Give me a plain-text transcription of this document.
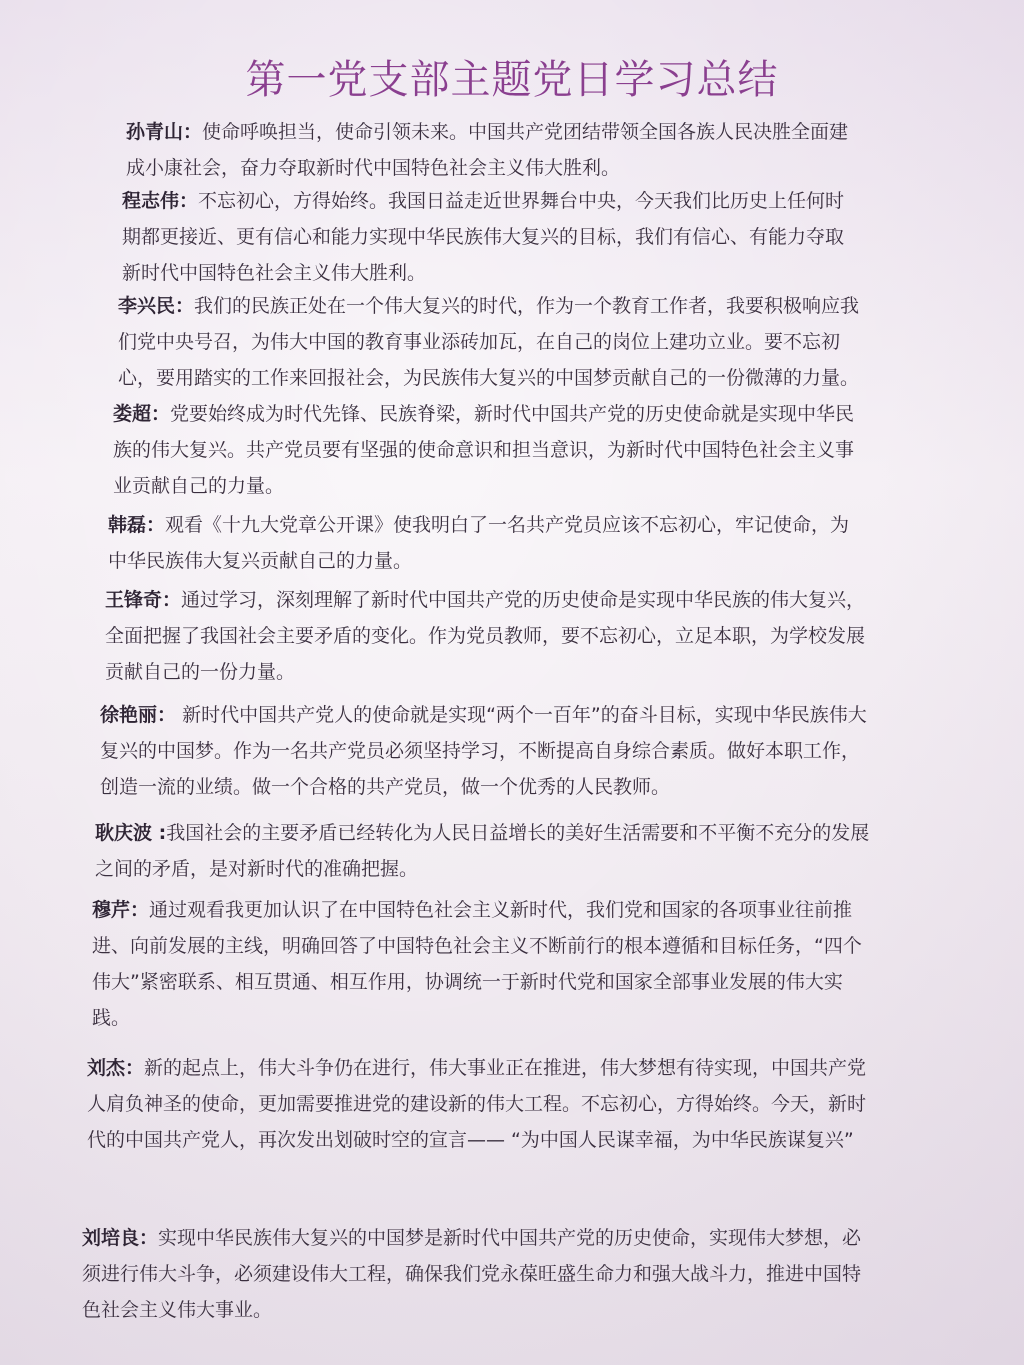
第一党支部主题党日学习总结
孙青山：使命呼唤担当，使命引领未来。中国共产党团结带领全国各族人民决胜全面建成小康社会，奋力夺取新时代中国特色社会主义伟大胜利。
程志伟：不忘初心，方得始终。我国日益走近世界舞台中央，今天我们比历史上任何时期都更接近、更有信心和能力实现中华民族伟大复兴的目标，我们有信心、有能力夺取新时代中国特色社会主义伟大胜利。
李兴民：我们的民族正处在一个伟大复兴的时代，作为一个教育工作者，我要积极响应我们党中央号召，为伟大中国的教育事业添砖加瓦，在自己的岗位上建功立业。要不忘初心，要用踏实的工作来回报社会，为民族伟大复兴的中国梦贡献自己的一份微薄的力量。
娄超：党要始终成为时代先锋、民族脊梁，新时代中国共产党的历史使命就是实现中华民族的伟大复兴。共产党员要有坚强的使命意识和担当意识，为新时代中国特色社会主义事业贡献自己的力量。
韩磊：观看《十九大党章公开课》使我明白了一名共产党员应该不忘初心，牢记使命，为中华民族伟大复兴贡献自己的力量。
王锋奇：通过学习，深刻理解了新时代中国共产党的历史使命是实现中华民族的伟大复兴，全面把握了我国社会主要矛盾的变化。作为党员教师，要不忘初心，立足本职，为学校发展贡献自己的一份力量。
徐艳丽： 新时代中国共产党人的使命就是实现“两个一百年”的奋斗目标，实现中华民族伟大复兴的中国梦。作为一名共产党员必须坚持学习，不断提高自身综合素质。做好本职工作，创造一流的业绩。做一个合格的共产党员，做一个优秀的人民教师。
耿庆波 :我国社会的主要矛盾已经转化为人民日益增长的美好生活需要和不平衡不充分的发展之间的矛盾，是对新时代的准确把握。
穆芹：通过观看我更加认识了在中国特色社会主义新时代，我们党和国家的各项事业往前推进、向前发展的主线，明确回答了中国特色社会主义不断前行的根本遵循和目标任务，“四个伟大”紧密联系、相互贯通、相互作用，协调统一于新时代党和国家全部事业发展的伟大实践。
刘杰：新的起点上，伟大斗争仍在进行，伟大事业正在推进，伟大梦想有待实现，中国共产党人肩负神圣的使命，更加需要推进党的建设新的伟大工程。不忘初心，方得始终。今天，新时代的中国共产党人，再次发出划破时空的宣言—— “为中国人民谋幸福，为中华民族谋复兴”
刘培良：实现中华民族伟大复兴的中国梦是新时代中国共产党的历史使命，实现伟大梦想，必须进行伟大斗争，必须建设伟大工程，确保我们党永葆旺盛生命力和强大战斗力，推进中国特色社会主义伟大事业。
